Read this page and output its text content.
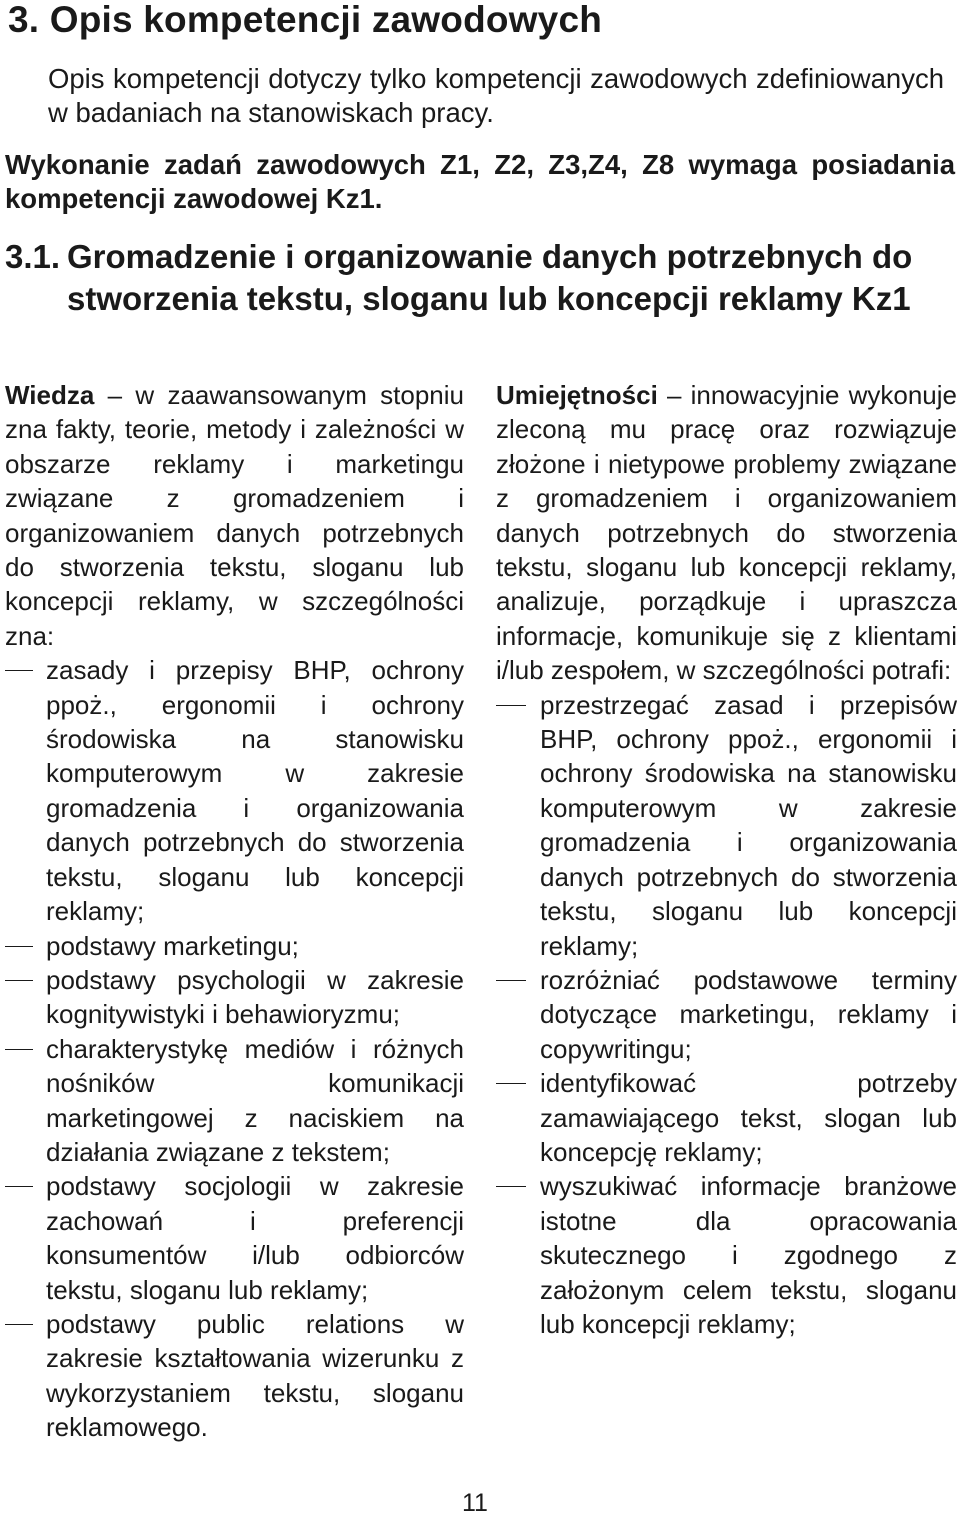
3. Opis kompetencji zawodowych

Opis kompetencji dotyczy tylko kompetencji zawodowych zdefiniowanych w badaniach na stanowiskach pracy.

Wykonanie zadań zawodowych Z1, Z2, Z3,Z4, Z8 wymaga posiadania kompetencji zawodowej Kz1.

3.1. Gromadzenie i organizowanie danych potrzebnych do stworzenia tekstu, sloganu lub koncepcji reklamy Kz1

Wiedza – w zaawansowanym stopniu zna fakty, teorie, metody i zależności w obszarze reklamy i marketingu związane z gromadzeniem i organizowaniem danych potrzebnych do stworzenia tekstu, sloganu lub koncepcji reklamy, w szczególności zna:

zasady i przepisy BHP, ochrony ppoż., ergonomii i ochrony środowiska na stanowisku komputerowym w zakresie gromadzenia i organizowania danych potrzebnych do stworzenia tekstu, sloganu lub koncepcji reklamy;
podstawy marketingu;
podstawy psychologii w zakresie kognitywistyki i behawioryzmu;
charakterystykę mediów i różnych nośników komunikacji marketingowej z naciskiem na działania związane z tekstem;
podstawy socjologii w zakresie zachowań i preferencji konsumentów i/lub odbiorców tekstu, sloganu lub reklamy;
podstawy public relations w zakresie kształtowania wizerunku z wykorzystaniem tekstu, sloganu reklamowego.

Umiejętności – innowacyjnie wykonuje zleconą mu pracę oraz rozwiązuje złożone i nietypowe problemy związane z gromadzeniem i organizowaniem danych potrzebnych do stworzenia tekstu, sloganu lub koncepcji reklamy, analizuje, porządkuje i upraszcza informacje, komunikuje się z klientami i/lub zespołem, w szczególności potrafi:

przestrzegać zasad i przepisów BHP, ochrony ppoż., ergonomii i ochrony środowiska na stanowisku komputerowym w zakresie gromadzenia i organizowania danych potrzebnych do stworzenia tekstu, sloganu lub koncepcji reklamy;
rozróżniać podstawowe terminy dotyczące marketingu, reklamy i copywritingu;
identyfikować potrzeby zamawiającego tekst, slogan lub koncepcję reklamy;
wyszukiwać informacje branżowe istotne dla opracowania skutecznego i zgodnego z założonym celem tekstu, sloganu lub koncepcji reklamy;
11
